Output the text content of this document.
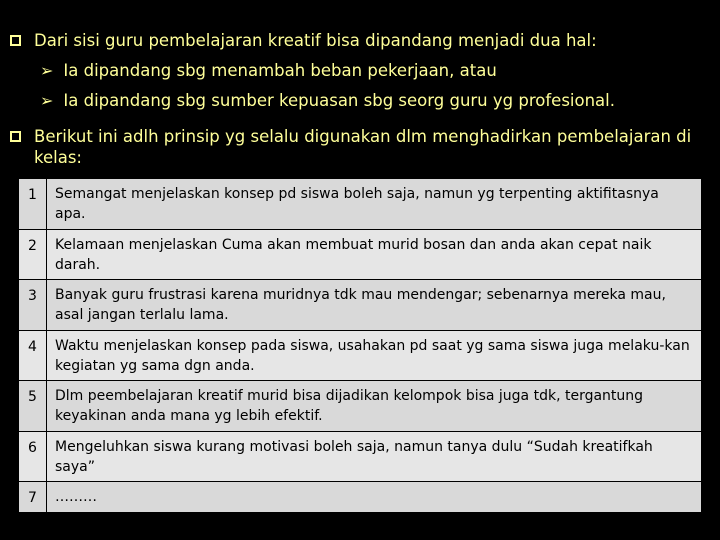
Dari sisi guru pembelajaran kreatif bisa dipandang menjadi dua hal:
➢ Ia dipandang sbg menambah beban pekerjaan, atau
➢ Ia dipandang sbg sumber kepuasan sbg seorg guru yg profesional.
Berikut ini adlh prinsip yg selalu digunakan dlm menghadirkan pembelajaran di kelas:
1	Semangat menjelaskan konsep pd siswa boleh saja, namun yg terpenting aktifitasnya apa.
2	Kelamaan menjelaskan Cuma akan membuat murid bosan dan anda akan cepat naik darah.
3	Banyak guru frustrasi karena muridnya tdk mau mendengar; sebenarnya mereka mau, asal jangan terlalu lama.
4	Waktu menjelaskan konsep pada siswa, usahakan pd saat yg sama siswa juga melaku-kan kegiatan yg sama dgn anda.
5	Dlm peembelajaran kreatif murid bisa dijadikan kelompok bisa juga tdk, tergantung keyakinan anda mana yg lebih efektif.
6	Mengeluhkan siswa kurang motivasi boleh saja, namun tanya dulu “Sudah kreatifkah saya”
7	………
